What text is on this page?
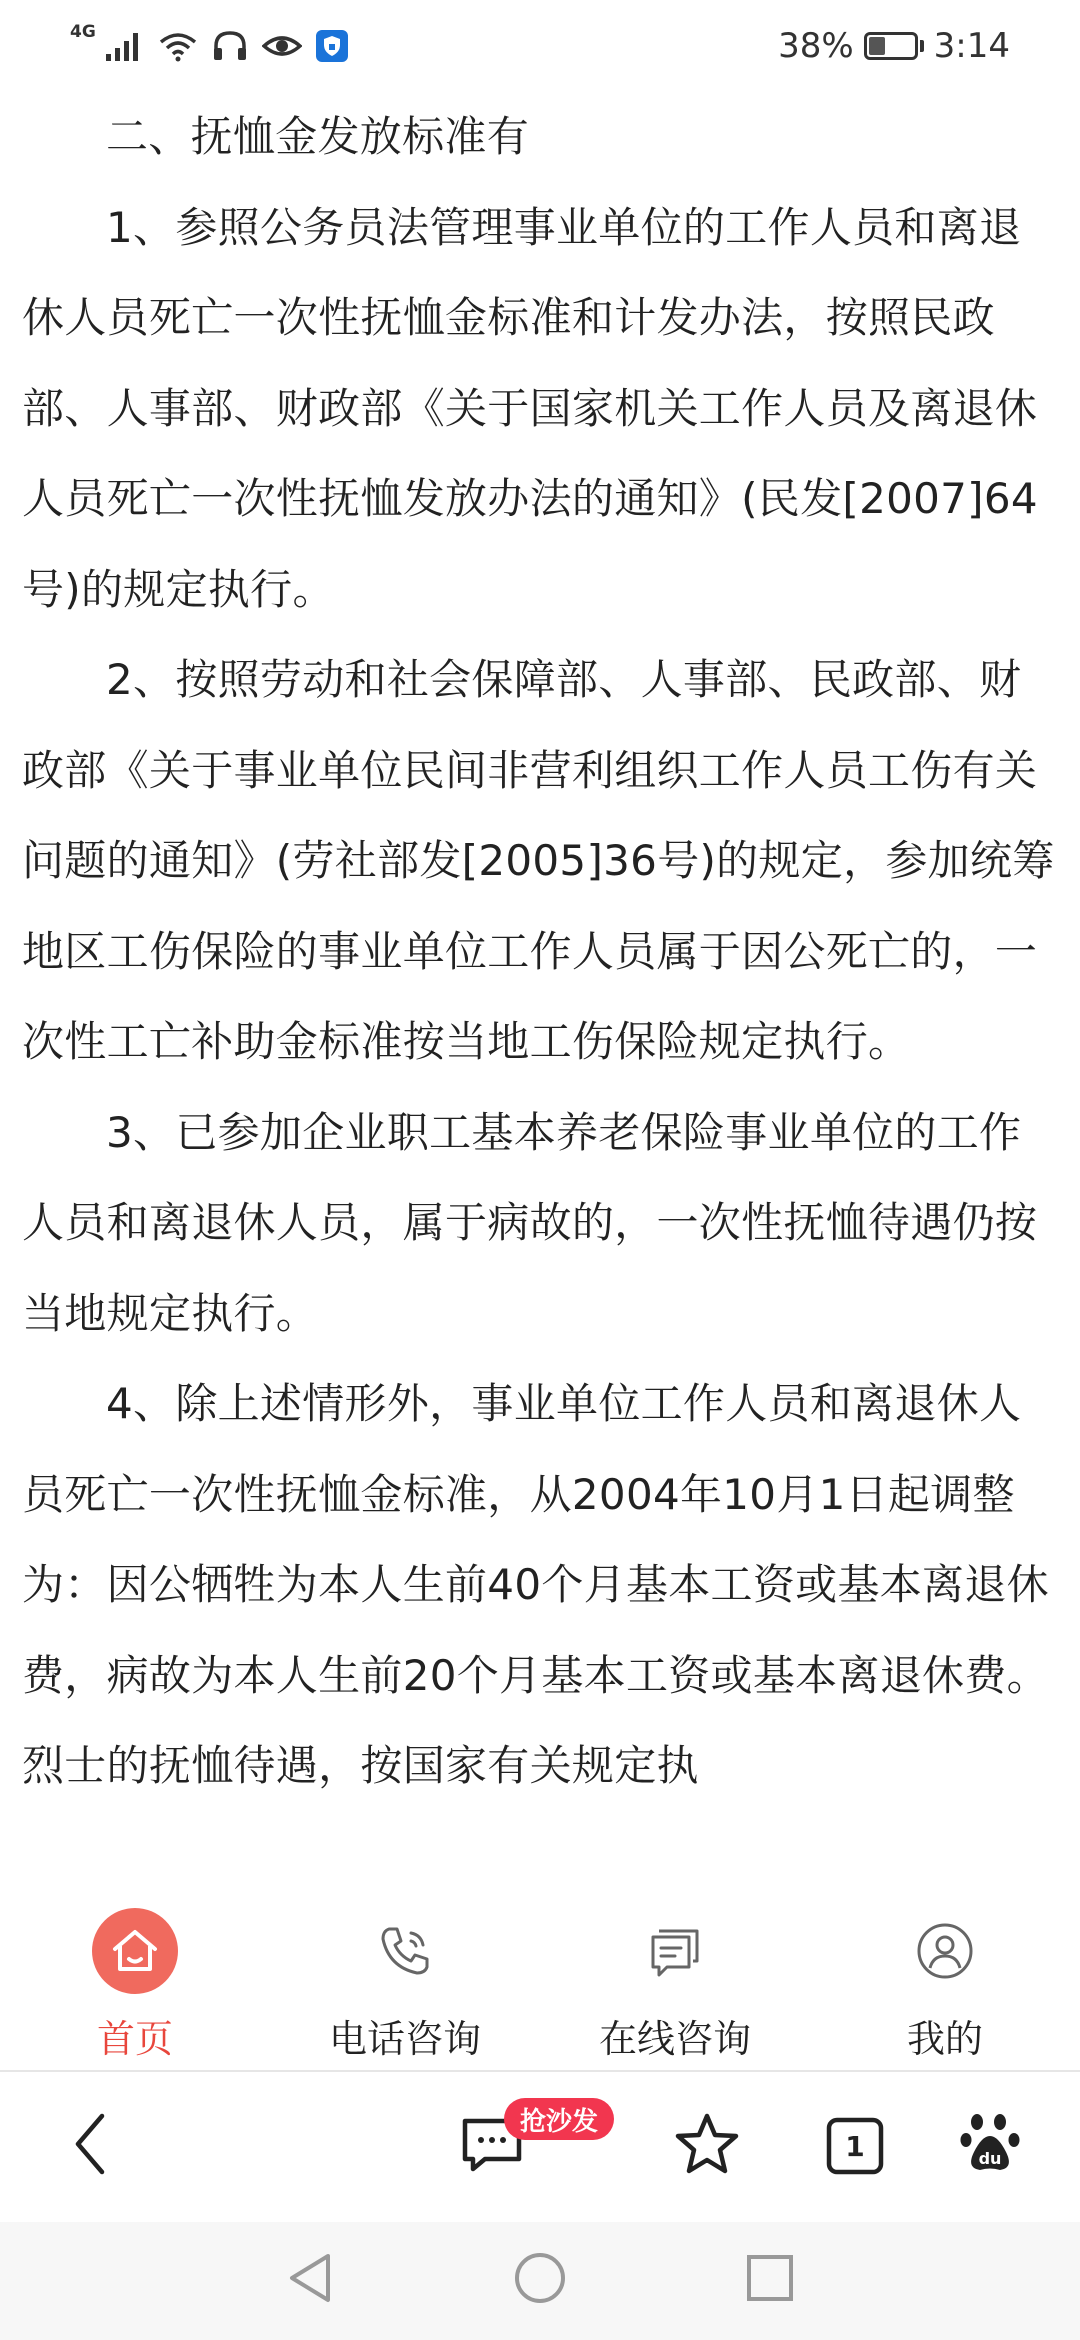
4G	38% 3:14

二、抚恤金发放标准有

1、参照公务员法管理事业单位的工作人员和离退休人员死亡一次性抚恤金标准和计发办法，按照民政部、人事部、财政部《关于国家机关工作人员及离退休人员死亡一次性抚恤发放办法的通知》(民发[2007]64号)的规定执行。

2、按照劳动和社会保障部、人事部、民政部、财政部《关于事业单位民间非营利组织工作人员工伤有关问题的通知》(劳社部发[2005]36号)的规定，参加统筹地区工伤保险的事业单位工作人员属于因公死亡的，一次性工亡补助金标准按当地工伤保险规定执行。

3、已参加企业职工基本养老保险事业单位的工作人员和离退休人员，属于病故的，一次性抚恤待遇仍按当地规定执行。

4、除上述情形外，事业单位工作人员和离退休人员死亡一次性抚恤金标准，从2004年10月1日起调整为：因公牺牲为本人生前40个月基本工资或基本离退休费，病故为本人生前20个月基本工资或基本离退休费。烈士的抚恤待遇，按国家有关规定执

首页	电话咨询	在线咨询	我的
1	du
抢沙发
